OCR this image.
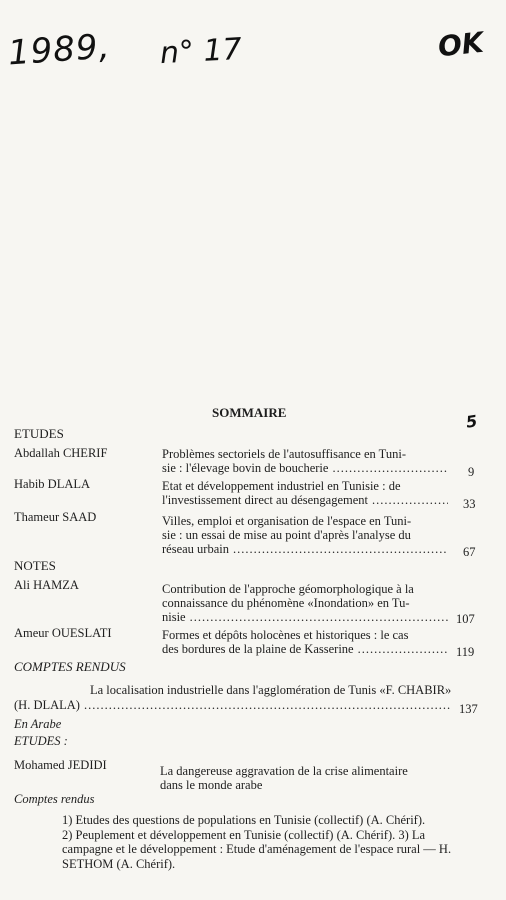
1989, n° 17	OK
5
SOMMAIRE
ETUDES
Abdallah CHERIF	Problèmes sectoriels de l'autosuffisance en Tuni-
sie : l'élevage bovin de boucherie .....	9
Habib DLALA	Etat et développement industriel en Tunisie : de
l'investissement direct au désengagement .....	33
Thameur SAAD	Villes, emploi et organisation de l'espace en Tuni-
sie : un essai de mise au point d'après l'analyse du
réseau urbain .....	67
NOTES
Ali HAMZA	Contribution de l'approche géomorphologique à la
connaissance du phénomène «Inondation» en Tu-
nisie .....	107
Ameur OUESLATI	Formes et dépôts holocènes et historiques : le cas
des bordures de la plaine de Kasserine .....	119
COMPTES RENDUS
La localisation industrielle dans l'agglomération de Tunis «F. CHABIR»
(H. DLALA) .....	137
En Arabe
ETUDES :
Mohamed JEDIDI	La dangereuse aggravation de la crise alimentaire
dans le monde arabe
Comptes rendus
1) Etudes des questions de populations en Tunisie (collectif) (A. Chérif).
2) Peuplement et développement en Tunisie (collectif) (A. Chérif). 3) La
campagne et le développement : Etude d'aménagement de l'espace rural — H.
SETHOM (A. Chérif).
